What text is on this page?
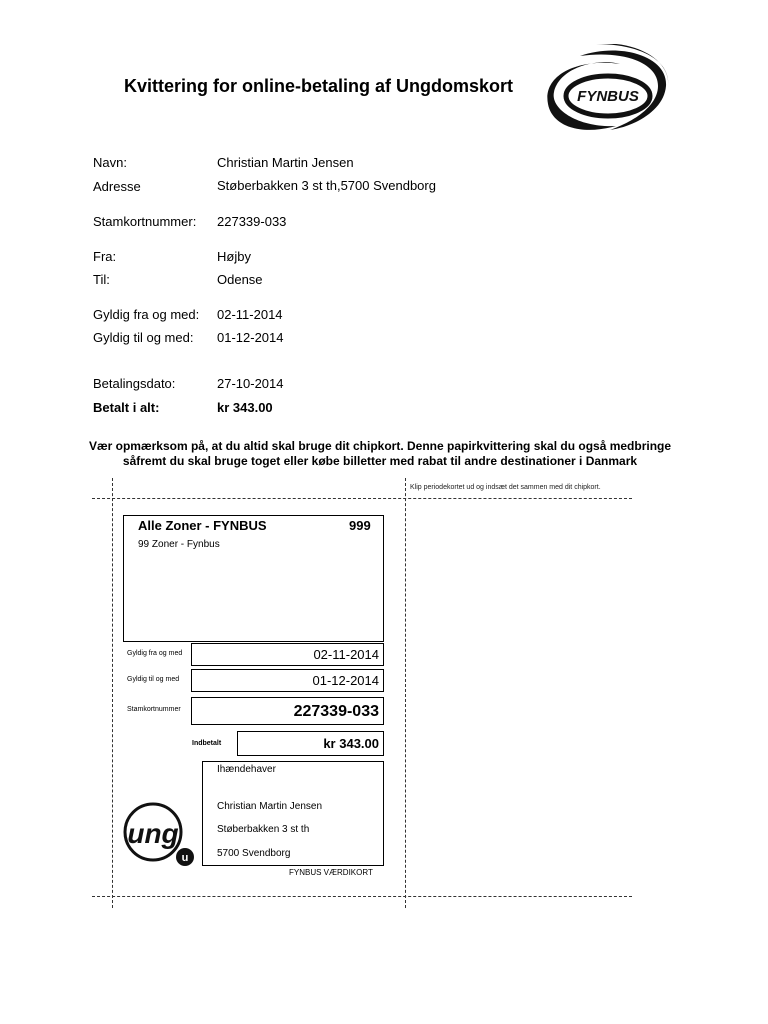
Kvittering for online-betaling af Ungdomskort
FYNBUS
Navn:	Christian Martin Jensen
Adresse	Støberbakken 3 st th,5700 Svendborg
Stamkortnummer: 227339-033
Fra:	Højby
Til:	Odense
Gyldig fra og med: 02-11-2014
Gyldig til og med: 01-12-2014
Betalingsdato:	27-10-2014
Betalt i alt:	kr 343.00
Vær opmærksom på, at du altid skal bruge dit chipkort. Denne papirkvittering skal du også medbringe
såfremt du skal bruge toget eller købe billetter med rabat til andre destinationer i Danmark
Klip periodekortet ud og indsæt det sammen med dit chipkort.
Alle Zoner - FYNBUS	999
99 Zoner - Fynbus
Gyldig fra og med	02-11-2014
Gyldig til og med	01-12-2014
Stamkortnummer	227339-033
Indbetalt	kr 343.00
Ihændehaver
Christian Martin Jensen
Støberbakken 3 st th
5700 Svendborg
FYNBUS VÆRDIKORT
ung
u
